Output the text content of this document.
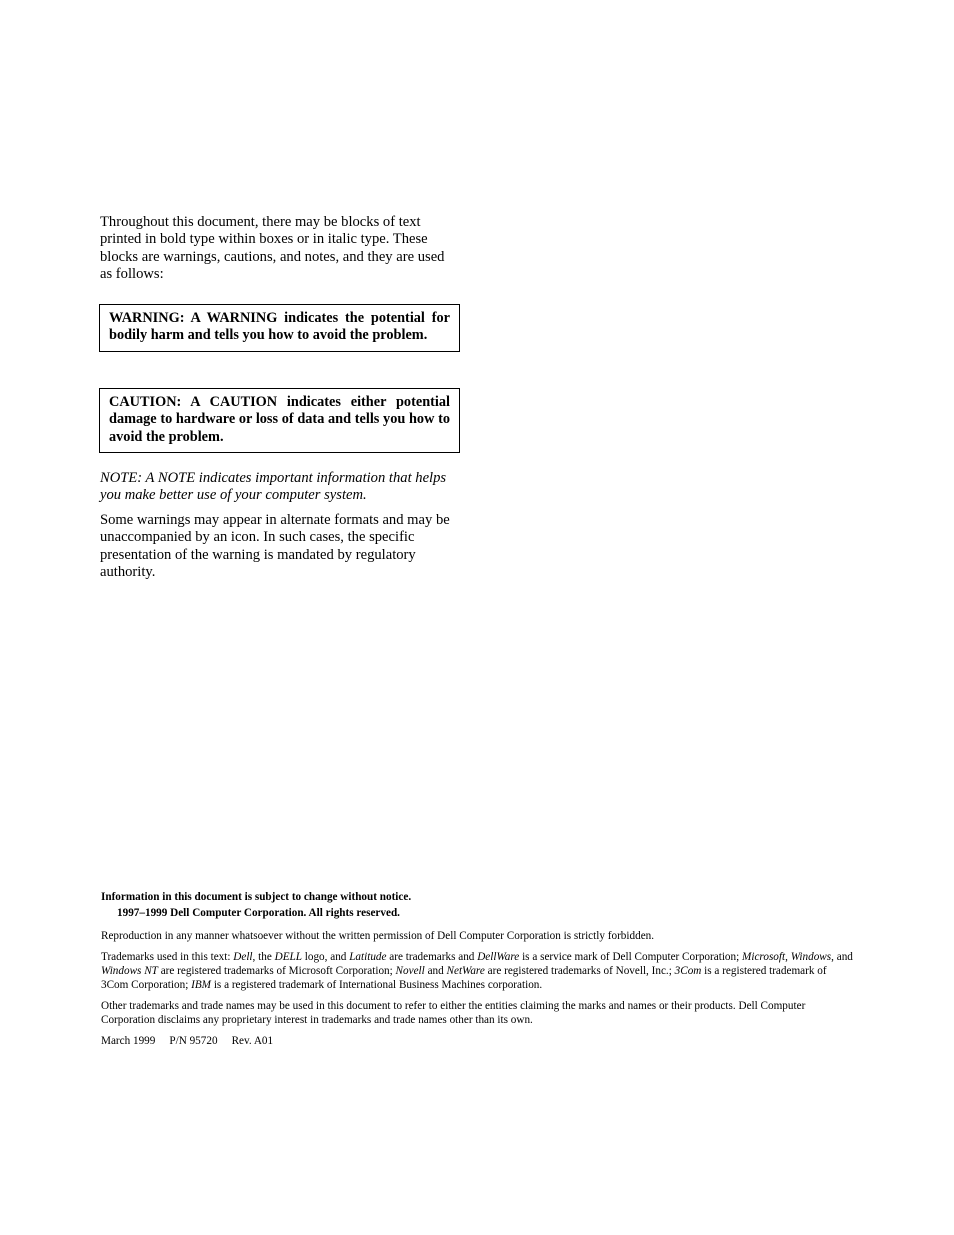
Throughout this document, there may be blocks of text printed in bold type within boxes or in italic type. These blocks are warnings, cautions, and notes, and they are used as follows:
WARNING: A WARNING indicates the potential for bodily harm and tells you how to avoid the problem.
CAUTION: A CAUTION indicates either potential damage to hardware or loss of data and tells you how to avoid the problem.
NOTE: A NOTE indicates important information that helps you make better use of your computer system.
Some warnings may appear in alternate formats and may be unaccompanied by an icon. In such cases, the specific presentation of the warning is mandated by regulatory authority.
Information in this document is subject to change without notice.
1997–1999 Dell Computer Corporation. All rights reserved.
Reproduction in any manner whatsoever without the written permission of Dell Computer Corporation is strictly forbidden.
Trademarks used in this text: Dell, the DELL logo, and Latitude are trademarks and DellWare is a service mark of Dell Computer Corporation; Microsoft, Windows, and Windows NT are registered trademarks of Microsoft Corporation; Novell and NetWare are registered trademarks of Novell, Inc.; 3Com is a registered trademark of 3Com Corporation; IBM is a registered trademark of International Business Machines corporation.
Other trademarks and trade names may be used in this document to refer to either the entities claiming the marks and names or their products. Dell Computer Corporation disclaims any proprietary interest in trademarks and trade names other than its own.
March 1999 P/N 95720 Rev. A01
